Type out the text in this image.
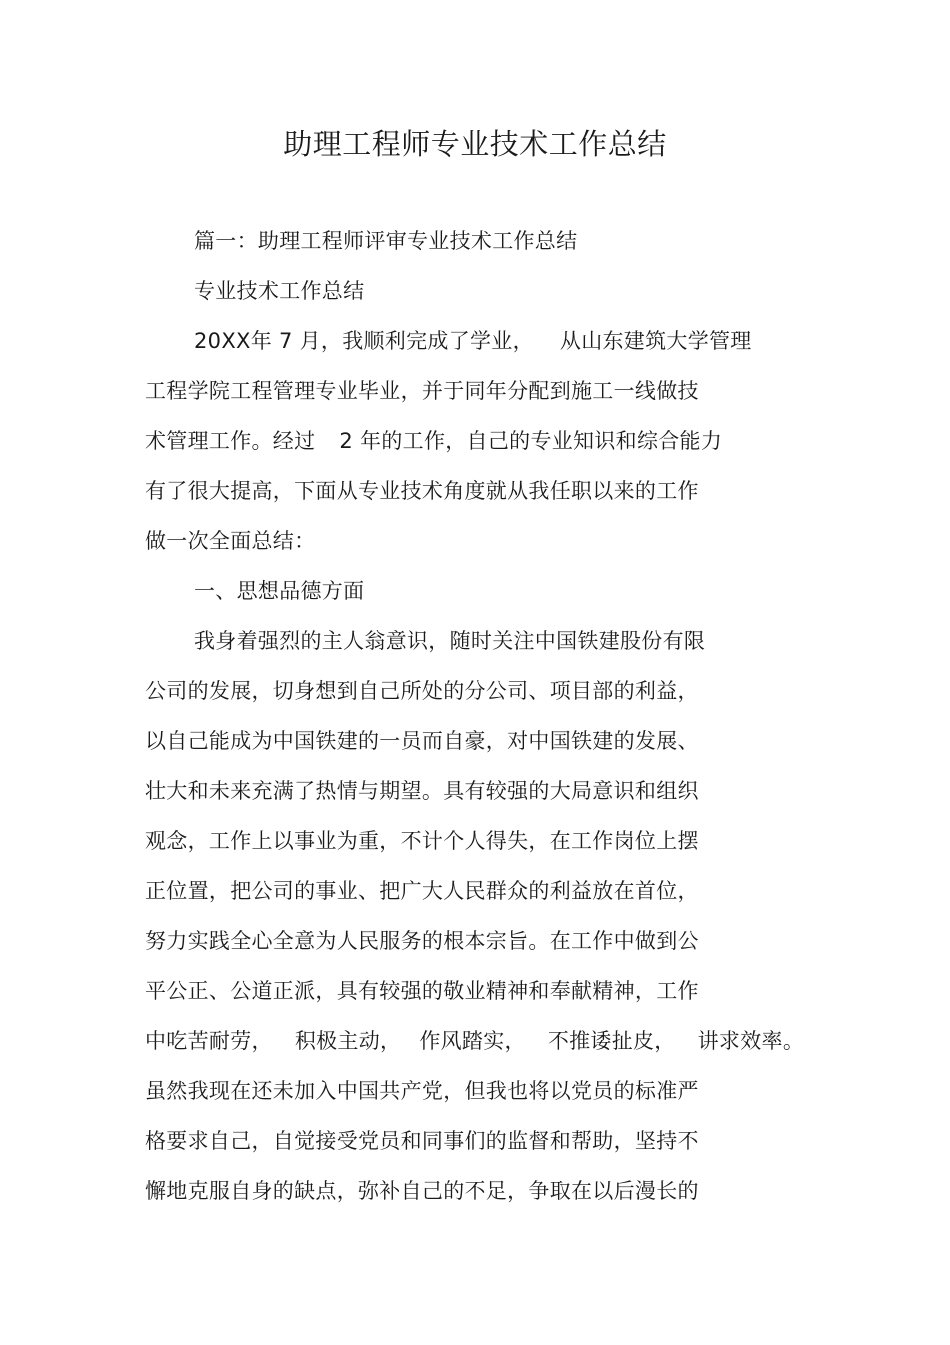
助理工程师专业技术工作总结
篇一：助理工程师评审专业技术工作总结
专业技术工作总结
20XX年 7 月，我顺利完成了学业， 从山东建筑大学管理
工程学院工程管理专业毕业，并于同年分配到施工一线做技
术管理工作。经过 2 年的工作，自己的专业知识和综合能力
有了很大提高，下面从专业技术角度就从我任职以来的工作
做一次全面总结：
一、思想品德方面
我身着强烈的主人翁意识，随时关注中国铁建股份有限
公司的发展，切身想到自己所处的分公司、项目部的利益，
以自己能成为中国铁建的一员而自豪，对中国铁建的发展、
壮大和未来充满了热情与期望。具有较强的大局意识和组织
观念，工作上以事业为重，不计个人得失，在工作岗位上摆
正位置，把公司的事业、把广大人民群众的利益放在首位，
努力实践全心全意为人民服务的根本宗旨。在工作中做到公
平公正、公道正派，具有较强的敬业精神和奉献精神，工作
中吃苦耐劳， 积极主动， 作风踏实， 不推诿扯皮， 讲求效率。
虽然我现在还未加入中国共产党，但我也将以党员的标准严
格要求自己，自觉接受党员和同事们的监督和帮助，坚持不
懈地克服自身的缺点，弥补自己的不足，争取在以后漫长的
